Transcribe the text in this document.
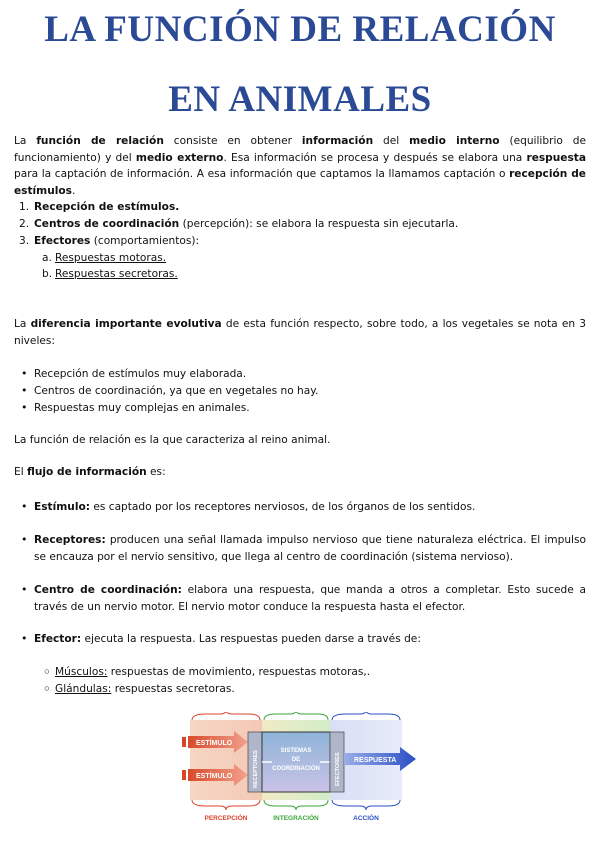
LA FUNCIÓN DE RELACIÓN
EN ANIMALES
La función de relación consiste en obtener información del medio interno (equilibrio de funcionamiento) y del medio externo. Esa información se procesa y después se elabora una respuesta para la captación de información. A esa información que captamos la llamamos captación o recepción de estímulos.
1. Recepción de estímulos.
2. Centros de coordinación (percepción): se elabora la respuesta sin ejecutarla.
3. Efectores (comportamientos):
a. Respuestas motoras.
b. Respuestas secretoras.
La diferencia importante evolutiva de esta función respecto, sobre todo, a los vegetales se nota en 3 niveles:
• Recepción de estímulos muy elaborada.
• Centros de coordinación, ya que en vegetales no hay.
• Respuestas muy complejas en animales.
La función de relación es la que caracteriza al reino animal.
El flujo de información es:
• Estímulo: es captado por los receptores nerviosos, de los órganos de los sentidos.
• Receptores: producen una señal llamada impulso nervioso que tiene naturaleza eléctrica. El impulso se encauza por el nervio sensitivo, que llega al centro de coordinación (sistema nervioso).
• Centro de coordinación: elabora una respuesta, que manda a otros a completar. Esto sucede a través de un nervio motor. El nervio motor conduce la respuesta hasta el efector.
• Efector: ejecuta la respuesta. Las respuestas pueden darse a través de:
◦ Músculos: respuestas de movimiento, respuestas motoras,.
◦ Glándulas: respuestas secretoras.
ESTÍMULO
ESTÍMULO	RECEPTORES	SISTEMAS
DE
COORDINACIÓN	EFECTORES RESPUESTA
PERCEPCIÓN	INTEGRACIÓN	ACCIÓN
